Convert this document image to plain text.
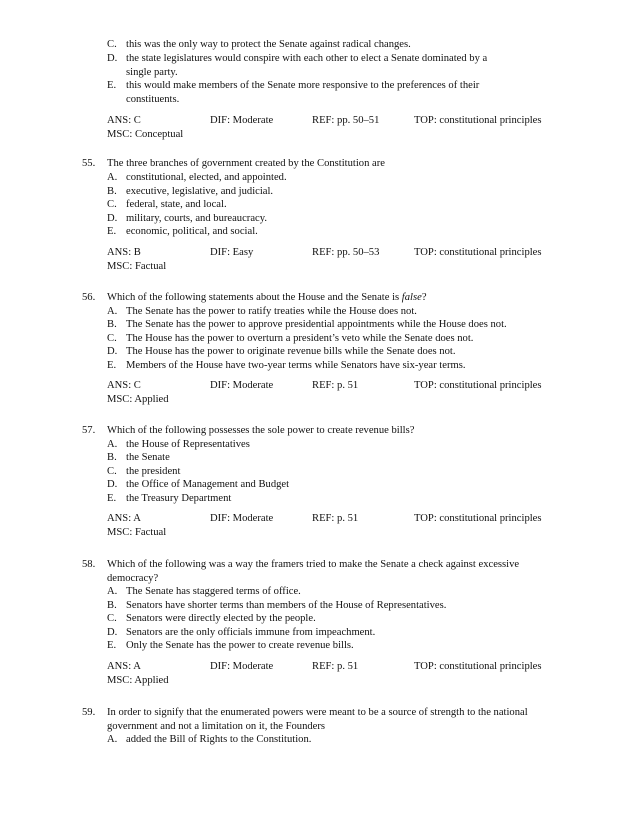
C. this was the only way to protect the Senate against radical changes.
D. the state legislatures would conspire with each other to elect a Senate dominated by a
single party.
E. this would make members of the Senate more responsive to the preferences of their
constituents.
ANS: C	DIF: Moderate	REF: pp. 50–51	TOP: constitutional principles
MSC: Conceptual
55. The three branches of government created by the Constitution are
A. constitutional, elected, and appointed.
B. executive, legislative, and judicial.
C. federal, state, and local.
D. military, courts, and bureaucracy.
E. economic, political, and social.
ANS: B	DIF: Easy	REF: pp. 50–53	TOP: constitutional principles
MSC: Factual
56. Which of the following statements about the House and the Senate is false?
A. The Senate has the power to ratify treaties while the House does not.
B. The Senate has the power to approve presidential appointments while the House does not.
C. The House has the power to overturn a president’s veto while the Senate does not.
D. The House has the power to originate revenue bills while the Senate does not.
E. Members of the House have two-year terms while Senators have six-year terms.
ANS: C	DIF: Moderate	REF: p. 51	TOP: constitutional principles
MSC: Applied
57. Which of the following possesses the sole power to create revenue bills?
A. the House of Representatives
B. the Senate
C. the president
D. the Office of Management and Budget
E. the Treasury Department
ANS: A	DIF: Moderate	REF: p. 51	TOP: constitutional principles
MSC: Factual
58. Which of the following was a way the framers tried to make the Senate a check against excessive
democracy?
A. The Senate has staggered terms of office.
B. Senators have shorter terms than members of the House of Representatives.
C. Senators were directly elected by the people.
D. Senators are the only officials immune from impeachment.
E. Only the Senate has the power to create revenue bills.
ANS: A	DIF: Moderate	REF: p. 51	TOP: constitutional principles
MSC: Applied
59. In order to signify that the enumerated powers were meant to be a source of strength to the national
government and not a limitation on it, the Founders
A. added the Bill of Rights to the Constitution.
